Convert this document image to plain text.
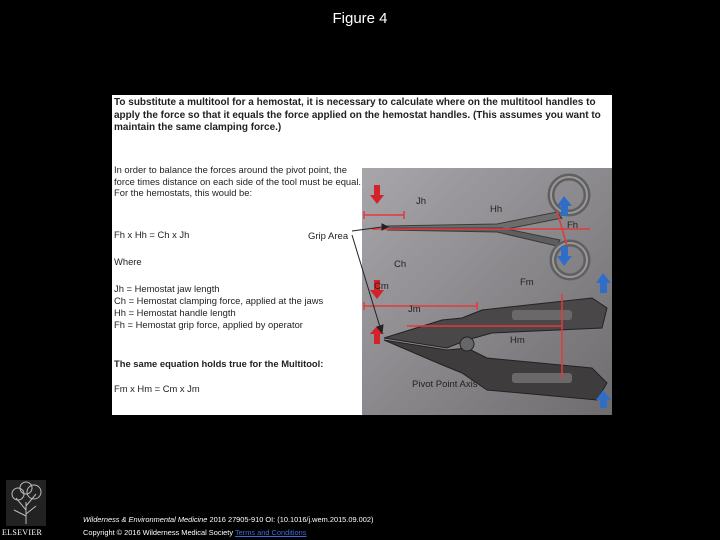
Figure 4
To substitute a multitool for a hemostat, it is necessary to calculate where on the multitool handles to apply the force so that it equals the force applied on the hemostat handles. (This assumes you want to maintain the same clamping force.)
In order to balance the forces around the pivot point, the force times distance on each side of the tool must be equal. For the hemostats, this would be:
Fh x Hh = Ch x Jh
Where
Jh = Hemostat jaw length
Ch = Hemostat clamping force, applied at the jaws
Hh = Hemostat handle length
Fh = Hemostat grip force, applied by operator
The same equation holds true for the Multitool:
Fm x Hm = Cm x Jm
Grip Area
Jh
Hh
Fh
Ch
Fm
Cm
Jm
Hm
Pivot Point Axis
ELSEVIER
Wilderness & Environmental Medicine 2016 27905-910 OI: (10.1016/j.wem.2015.09.002)
Copyright © 2016 Wilderness Medical Society Terms and Conditions
